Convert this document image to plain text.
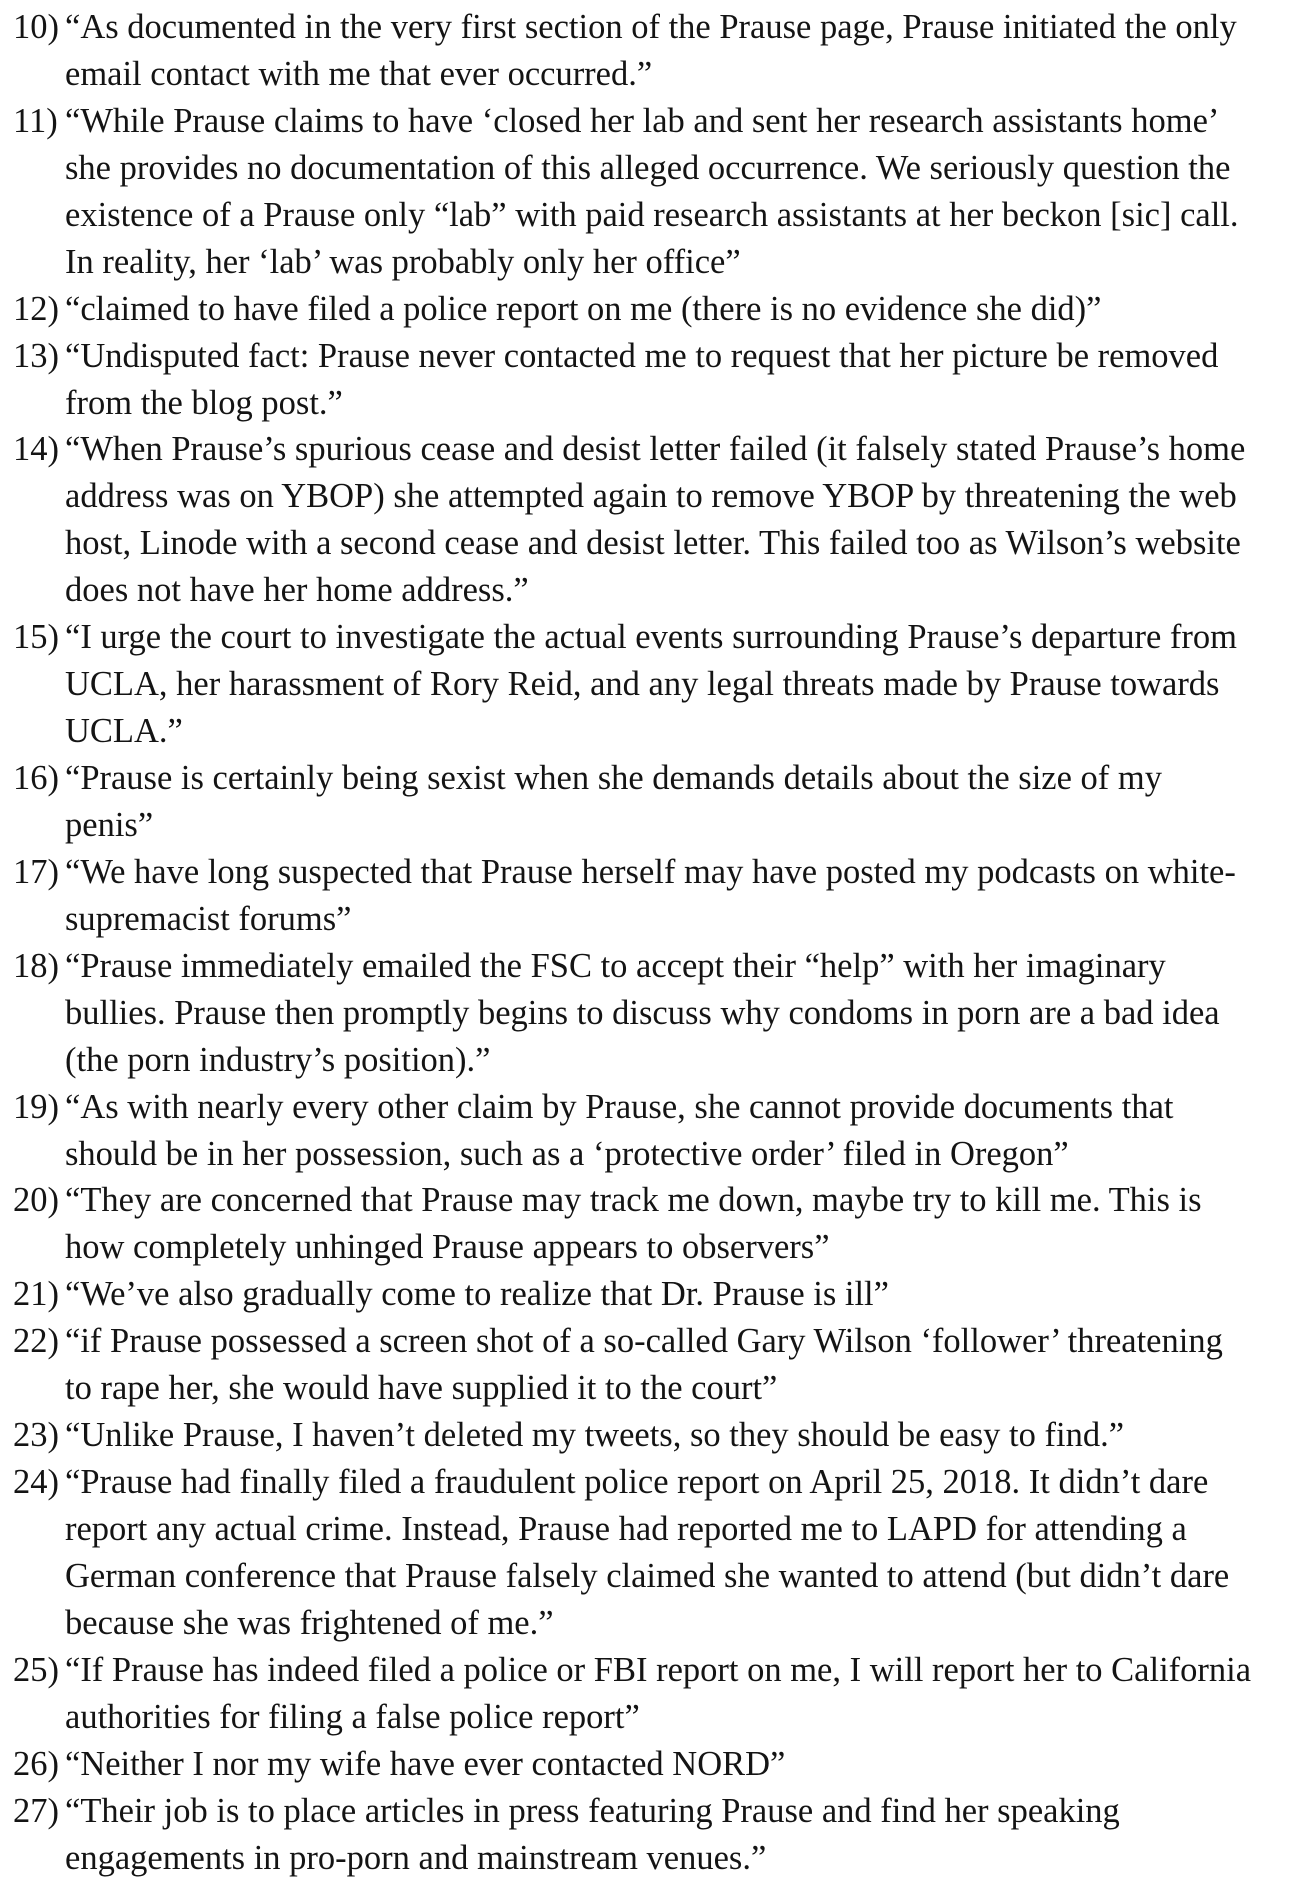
10) “As documented in the very first section of the Prause page, Prause initiated the only
email contact with me that ever occurred.”
11) “While Prause claims to have ‘closed her lab and sent her research assistants home’
she provides no documentation of this alleged occurrence. We seriously question the
existence of a Prause only “lab” with paid research assistants at her beckon [sic] call.
In reality, her ‘lab’ was probably only her office”
12) “claimed to have filed a police report on me (there is no evidence she did)”
13) “Undisputed fact: Prause never contacted me to request that her picture be removed
from the blog post.”
14) “When Prause’s spurious cease and desist letter failed (it falsely stated Prause’s home
address was on YBOP) she attempted again to remove YBOP by threatening the web
host, Linode with a second cease and desist letter. This failed too as Wilson’s website
does not have her home address.”
15) “I urge the court to investigate the actual events surrounding Prause’s departure from
UCLA, her harassment of Rory Reid, and any legal threats made by Prause towards
UCLA.”
16) “Prause is certainly being sexist when she demands details about the size of my
penis”
17) “We have long suspected that Prause herself may have posted my podcasts on white-
supremacist forums”
18) “Prause immediately emailed the FSC to accept their “help” with her imaginary
bullies. Prause then promptly begins to discuss why condoms in porn are a bad idea
(the porn industry’s position).”
19) “As with nearly every other claim by Prause, she cannot provide documents that
should be in her possession, such as a ‘protective order’ filed in Oregon”
20) “They are concerned that Prause may track me down, maybe try to kill me. This is
how completely unhinged Prause appears to observers”
21) “We’ve also gradually come to realize that Dr. Prause is ill”
22) “if Prause possessed a screen shot of a so-called Gary Wilson ‘follower’ threatening
to rape her, she would have supplied it to the court”
23) “Unlike Prause, I haven’t deleted my tweets, so they should be easy to find.”
24) “Prause had finally filed a fraudulent police report on April 25, 2018. It didn’t dare
report any actual crime. Instead, Prause had reported me to LAPD for attending a
German conference that Prause falsely claimed she wanted to attend (but didn’t dare
because she was frightened of me.”
25) “If Prause has indeed filed a police or FBI report on me, I will report her to California
authorities for filing a false police report”
26) “Neither I nor my wife have ever contacted NORD”
27) “Their job is to place articles in press featuring Prause and find her speaking
engagements in pro-porn and mainstream venues.”
